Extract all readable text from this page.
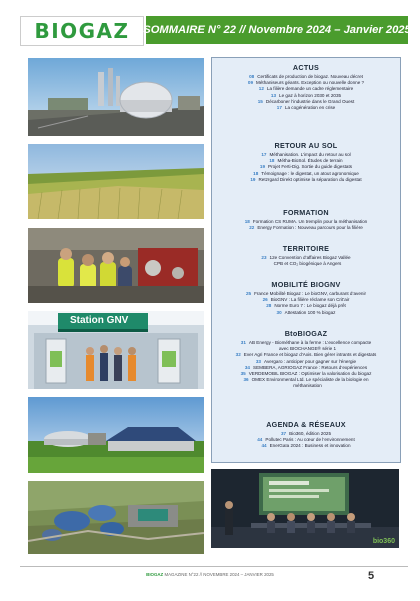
BIOGAZ SOMMAIRE N° 22 // Novembre 2024 – Janvier 2025
Station GNV
ACTUS
08 Certificats de production de biogaz. Nouveau décret
09 Méthaniseurs géants. Exception ou nouvelle donne ?
12 La filière demande un cadre réglementaire
13 Le gaz à horizon 2030 et 2035
15 Décarboner l’industrie dans le Grand Ouest
17 La cogénération en crise
RETOUR AU SOL
17 Méthanisation. L’impact du retour au sol
18 Métha-BioSol. Études de terrain
19 Projet Ferti-Dig. Sortie du guide digestats
18 Témoignage : le digestat, un atout agronomique
19 Retzrgard Direkt optimise la séparation du digestat
FORMATION
18 Formation CS RUMA. Un tremplin pour la méthanisation
22 Energy Formation : Nouveau parcours pour la filière
TERRITOIRE
23 12e Convention d’affaires Biogaz Vallée
CPB et CO₂ biogénique à Angers
MOBILITÉ BIOGNV
25 France Mobilité Biogaz : Le bioGNV, carburant d’avenir
26 BioGNV : La filière réclame son Crit’air
28 Norme Euro 7 : Le biogaz déjà prêt
30 Attestation 100 % biogaz
BtoBIOGAZ
31 AB Energy - Biométhane à la ferme : L’excellence compacte
avec BIOCHANGE® série 1
32 Ever Agri France et biogaz d’Axis. Bien gérer intrants et digestats
33 Avergaro : anticiper pour gagner sur l’énergie
34 SEMBERA, AGRIOGAZ France : Retours d’expériences
35 VERDEMOBIL BIOGAZ : Optimiser la valorisation du biogaz
36 OMEX Environmental Ltd. Le spécialiste de la biologie en
méthanisation
AGENDA & RÉSEAUX
37 Bio360, édition 2025
44 Pollutec Paris : Au cœur de l’environnement
44 EnerGaïa 2024 : Business et innovation
bio360
BIOGAZ MAGAZINE N°22 // NOVEMBRE 2024 – JANVIER 2025	5
